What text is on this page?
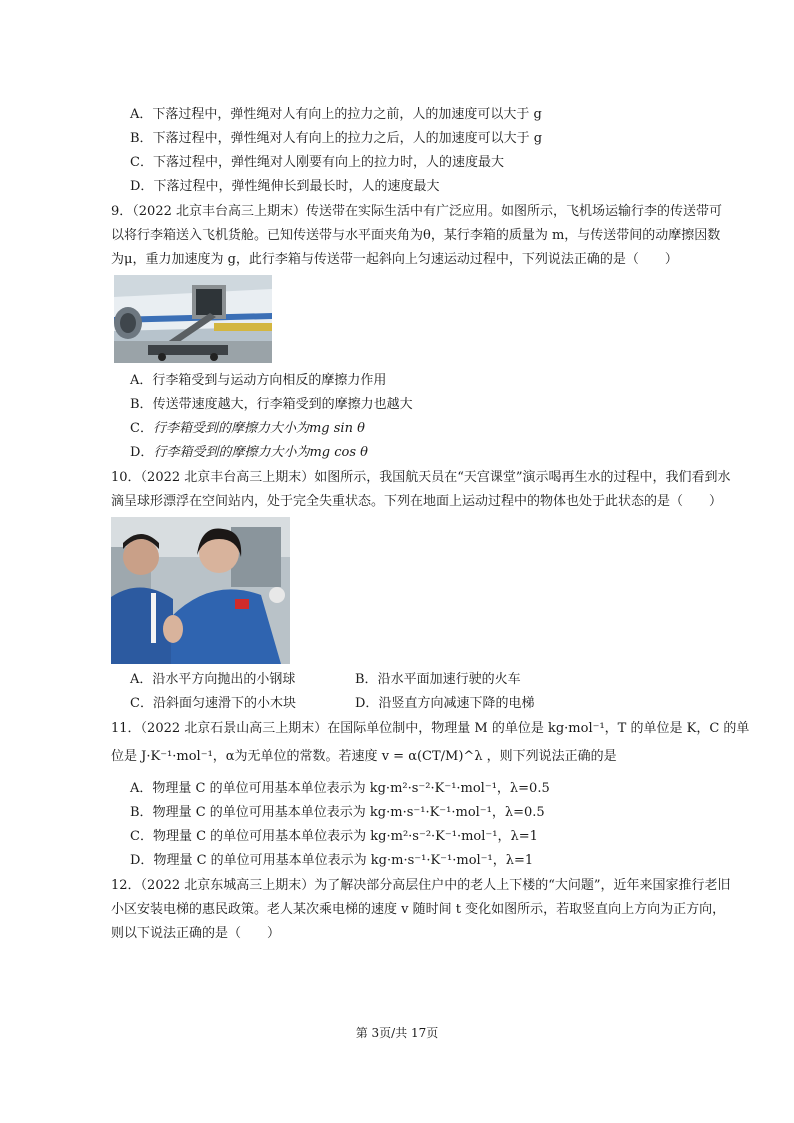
A．下落过程中，弹性绳对人有向上的拉力之前，人的加速度可以大于 g
B．下落过程中，弹性绳对人有向上的拉力之后，人的加速度可以大于 g
C．下落过程中，弹性绳对人刚要有向上的拉力时，人的速度最大
D．下落过程中，弹性绳伸长到最长时，人的速度最大
9．（2022 北京丰台高三上期末）传送带在实际生活中有广泛应用。如图所示，飞机场运输行李的传送带可
以将行李箱送入飞机货舱。已知传送带与水平面夹角为θ，某行李箱的质量为 m，与传送带间的动摩擦因数
为μ，重力加速度为 g，此行李箱与传送带一起斜向上匀速运动过程中，下列说法正确的是（　　）
A．行李箱受到与运动方向相反的摩擦力作用
B．传送带速度越大，行李箱受到的摩擦力也越大
C．行李箱受到的摩擦力大小为mg sin θ
D．行李箱受到的摩擦力大小为mg cos θ
10．（2022 北京丰台高三上期末）如图所示，我国航天员在“天宫课堂”演示喝再生水的过程中，我们看到水
滴呈球形漂浮在空间站内，处于完全失重状态。下列在地面上运动过程中的物体也处于此状态的是（　　）
A．沿水平方向抛出的小钢球	B．沿水平面加速行驶的火车
C．沿斜面匀速滑下的小木块	D．沿竖直方向减速下降的电梯
11．（2022 北京石景山高三上期末）在国际单位制中，物理量 M 的单位是 kg·mol⁻¹，T 的单位是 K，C 的单
位是 J·K⁻¹·mol⁻¹，α为无单位的常数。若速度 v = α(CT/M)^λ ，则下列说法正确的是
A．物理量 C 的单位可用基本单位表示为 kg·m²·s⁻²·K⁻¹·mol⁻¹，λ=0.5
B．物理量 C 的单位可用基本单位表示为 kg·m·s⁻¹·K⁻¹·mol⁻¹，λ=0.5
C．物理量 C 的单位可用基本单位表示为 kg·m²·s⁻²·K⁻¹·mol⁻¹，λ=1
D．物理量 C 的单位可用基本单位表示为 kg·m·s⁻¹·K⁻¹·mol⁻¹，λ=1
12．（2022 北京东城高三上期末）为了解决部分高层住户中的老人上下楼的“大问题”，近年来国家推行老旧
小区安装电梯的惠民政策。老人某次乘电梯的速度 v 随时间 t 变化如图所示，若取竖直向上方向为正方向，
则以下说法正确的是（　　）
第 3页/共 17页
